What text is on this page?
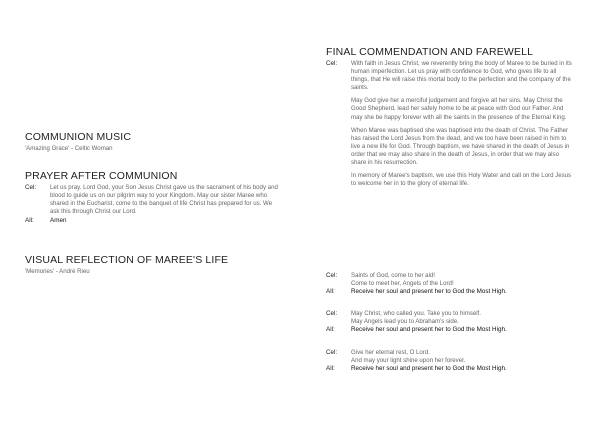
COMMUNION MUSIC
'Amazing Grace' - Celtic Woman
PRAYER AFTER COMMUNION
Cel:	Let us pray. Lord God, your Son Jesus Christ gave us the sacrament of his body and blood to guide us on our pilgrim way to your Kingdom. May our sister Maree who shared in the Eucharist, come to the banquet of life Christ has prepared for us. We ask this through Christ our Lord.
All:	Amen
VISUAL REFLECTION OF MAREE'S LIFE
'Memories' - André Rieu
FINAL COMMENDATION AND FAREWELL
Cel:	With faith in Jesus Christ, we reverently bring the body of Maree to be buried in its human imperfection. Let us pray with confidence to God, who gives life to all things, that He will raise this mortal body to the perfection and the company of the saints.
May God give her a merciful judgement and forgive all her sins. May Christ the Good Shepherd, lead her safely home to be at peace with God our Father. And may she be happy forever with all the saints in the presence of the Eternal King.
When Maree was baptised she was baptised into the death of Christ. The Father has raised the Lord Jesus from the dead, and we too have been raised in him to live a new life for God. Through baptism, we have shared in the death of Jesus in order that we may also share in the death of Jesus, in order that we may also share in his resurrection.
In memory of Maree's baptism, we use this Holy Water and call on the Lord Jesus to welcome her in to the glory of eternal life.
Cel:	Saints of God, come to her aid!
Come to meet her, Angels of the Lord!
All:	Receive her soul and present her to God the Most High.
Cel:	May Christ, who called you. Take you to himself.
May Angels lead you to Abraham's side.
All:	Receive her soul and present her to God the Most High.
Cel:	Give her eternal rest, O Lord.
And may your light shine upon her forever.
All:	Receive her soul and present her to God the Most High.
